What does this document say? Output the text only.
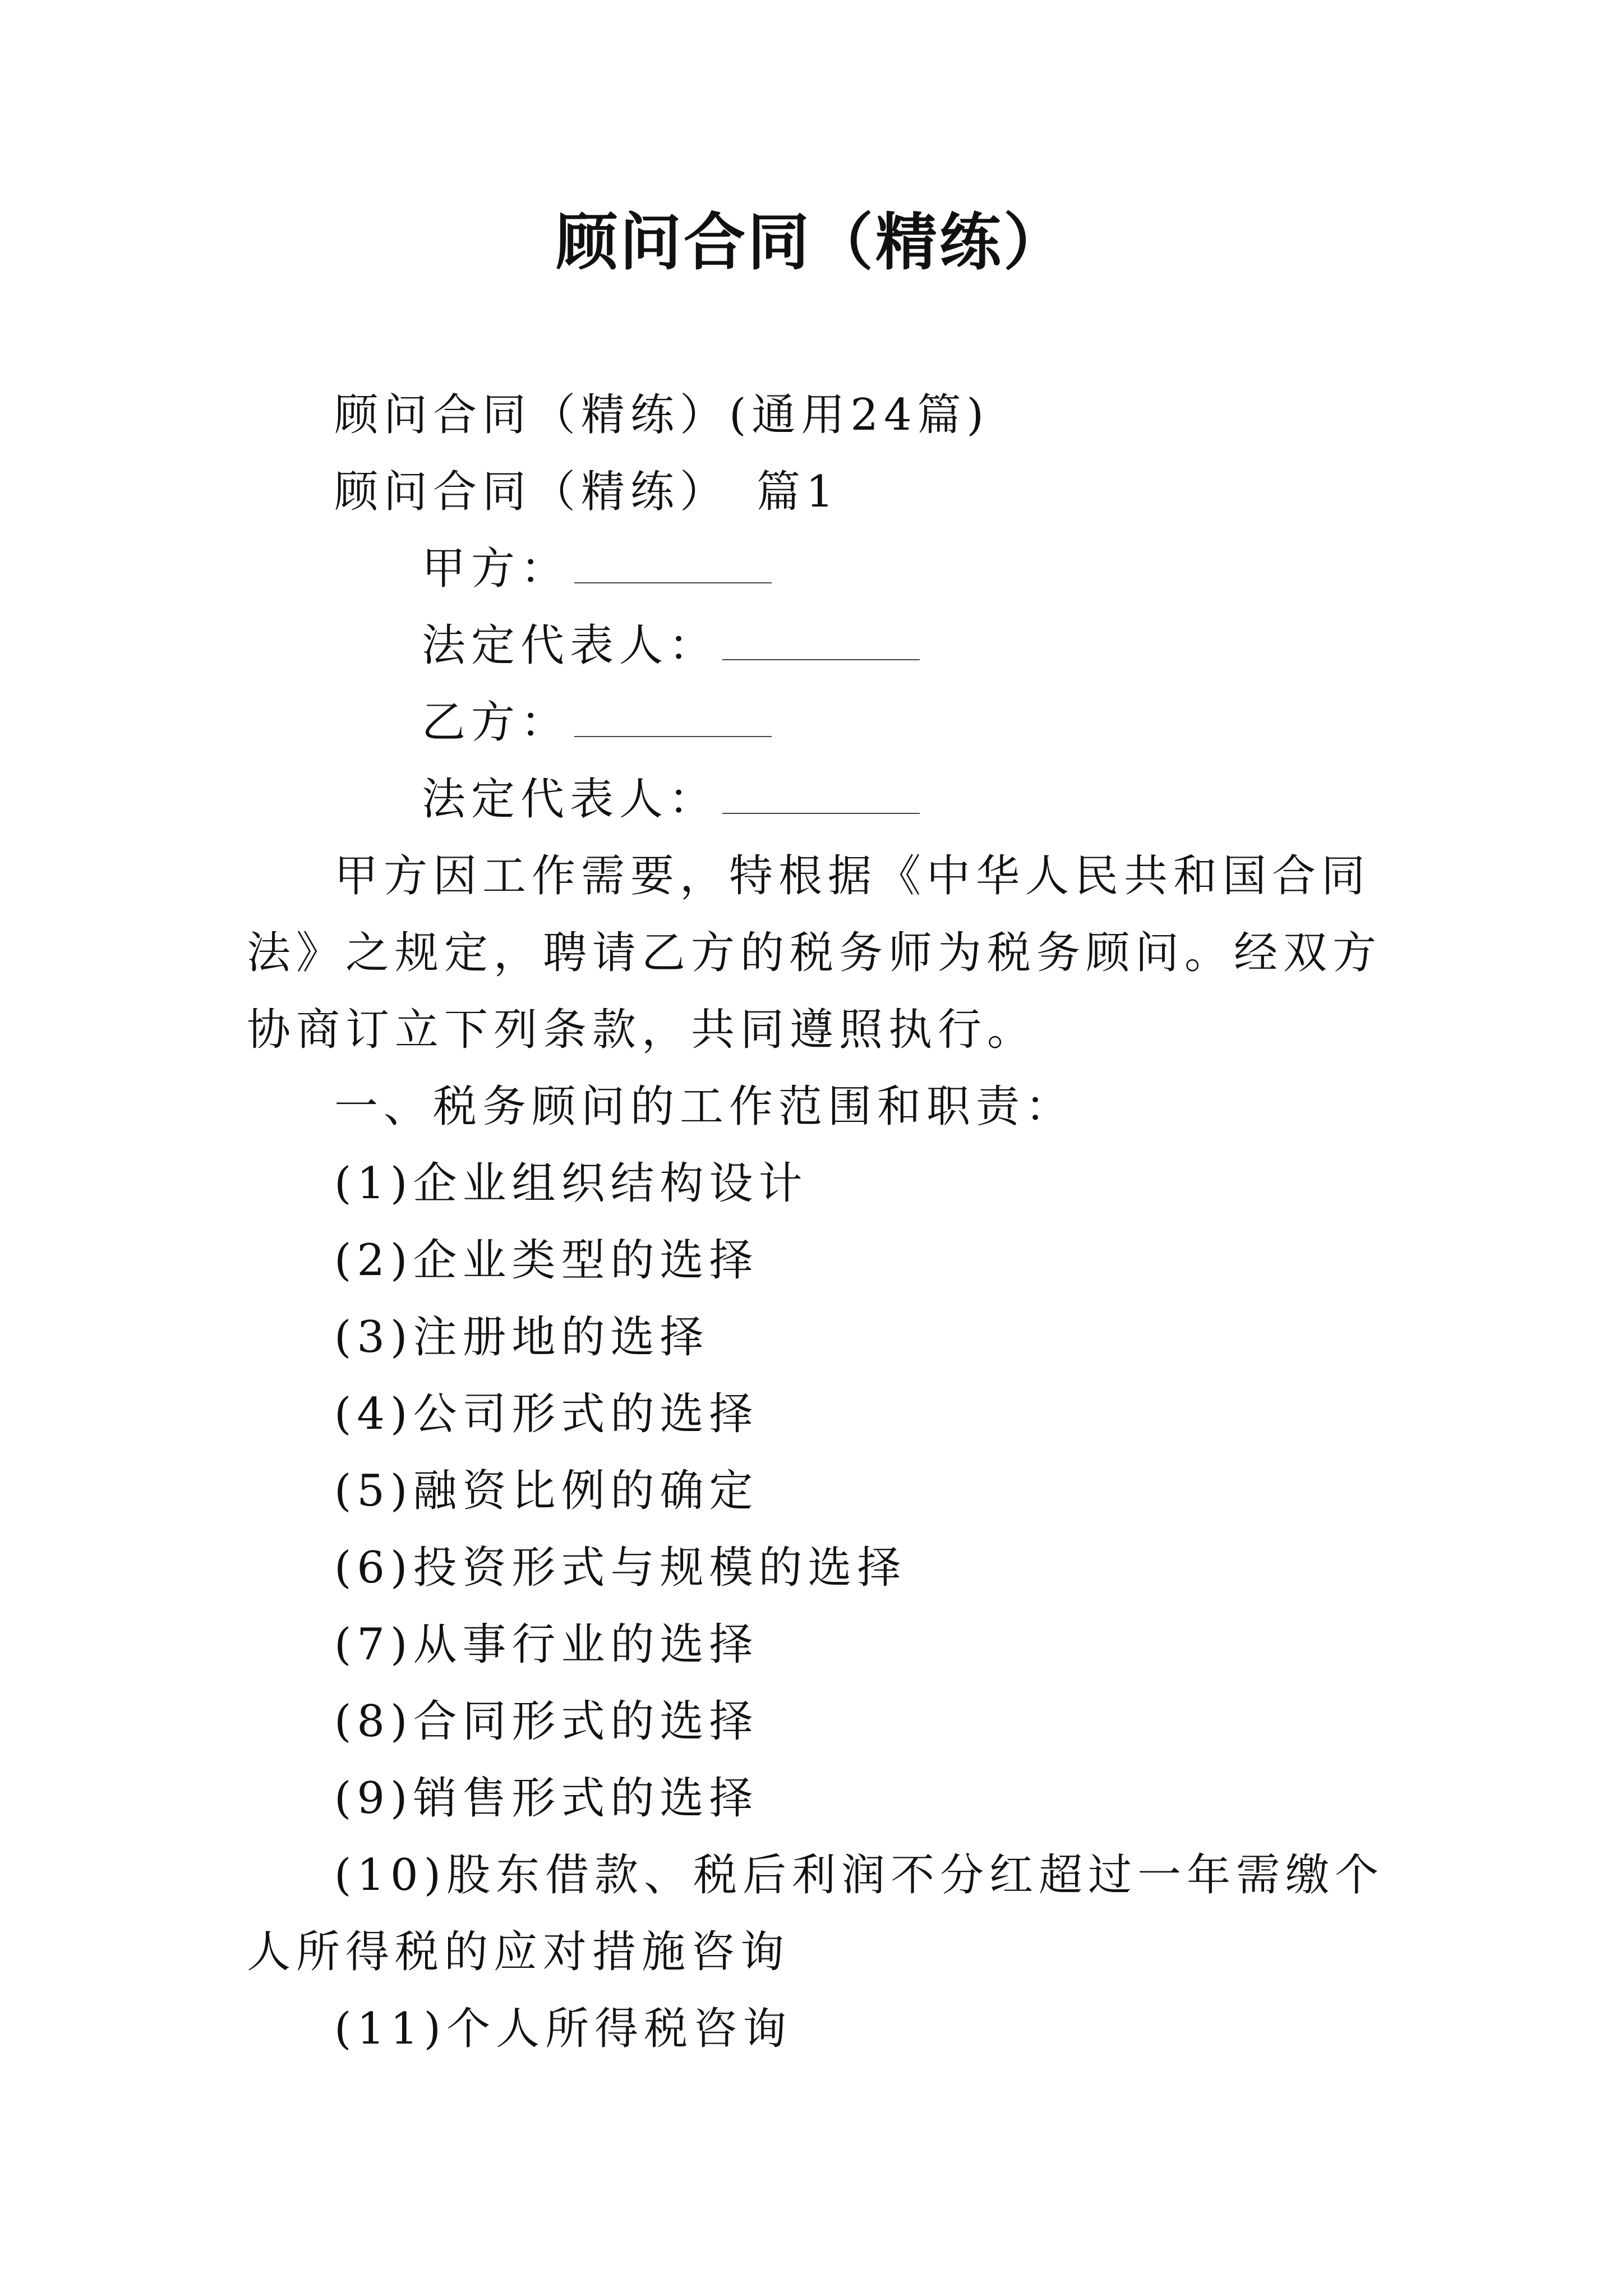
顾问合同（精练）

顾问合同（精练）(通用24篇)

顾问合同（精练）　篇1

甲方：

法定代表人：

乙方：

法定代表人：

甲方因工作需要，特根据《中华人民共和国合同法》之规定，聘请乙方的税务师为税务顾问。经双方协商订立下列条款，共同遵照执行。

一、税务顾问的工作范围和职责：

(1)企业组织结构设计

(2)企业类型的选择

(3)注册地的选择

(4)公司形式的选择

(5)融资比例的确定

(6)投资形式与规模的选择

(7)从事行业的选择

(8)合同形式的选择

(9)销售形式的选择

(10)股东借款、税后利润不分红超过一年需缴个人所得税的应对措施咨询

(11)个人所得税咨询
